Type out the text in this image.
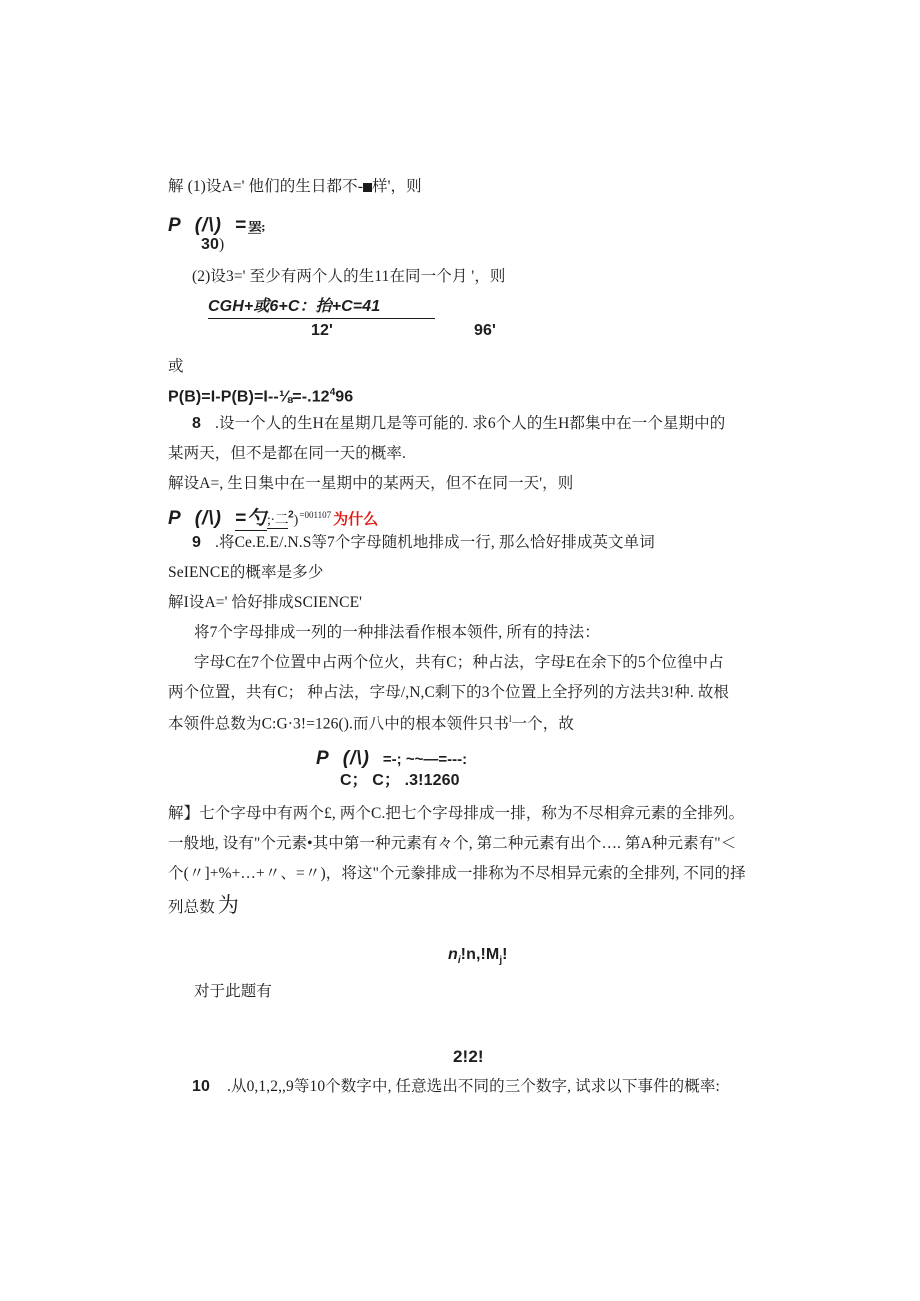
解 (1)设A=' 他们的生日都不- 样'，则
P (/\) =罢;
30)
(2)设3=' 至少有两个人的生11在同一个月 '，则
CGH+或6+C：抬+C=41
12'	96'
或
$P(B)=I-P(B)=I--\frac{1}{8}=-.12^496$
8 .设一个人的生H在星期几是等可能的. 求6个人的生H都集中在一个星期中的
某两天，但不是都在同一天的概率.
解设A=, 生日集中在一星期中的某两天，但不在同一天'，则
P (/\) =勺;·二$^2$)$^{=001107}$ 为什么
9 .将Ce.E.E/.N.S等7个字母随机地排成一行, 那么恰好排成英文单词
SeIENCE的概率是多少
解I设A=' 恰好排成SCIENCE'
将7个字母排成一列的一种排法看作根本领件, 所有的持法：
字母C在7个位置中占两个位火，共有C；种占法，字母E在余下的5个位徨中占
两个位置，共有C； 种占法，字母/,N,C剩下的3个位置上全抒列的方法共3!种. 故根
本领件总数为C:G·3!=126().而八中的根本领件只书$^l$一个，故
P (/\) =-; ~~—=---:
C； C； .3!1260
解】七个字母中有两个£, 两个C.把七个字母排成一排，称为不尽相弇元素的全排列。
一般地, 设有"个元素•其中第一种元素有々个, 第二种元素有出个…. 第A种元素有"＜
个(〃]+%+…+〃、=〃)，将这"个元豢排成一排称为不尽相异元索的全排列, 不同的择
列总数 为
$n_i!n,!M_j$!
对于此题有
2!2!
10 .从0,1,2,,9等10个数字中, 任意选出不同的三个数字, 试求以下事件的概率:
